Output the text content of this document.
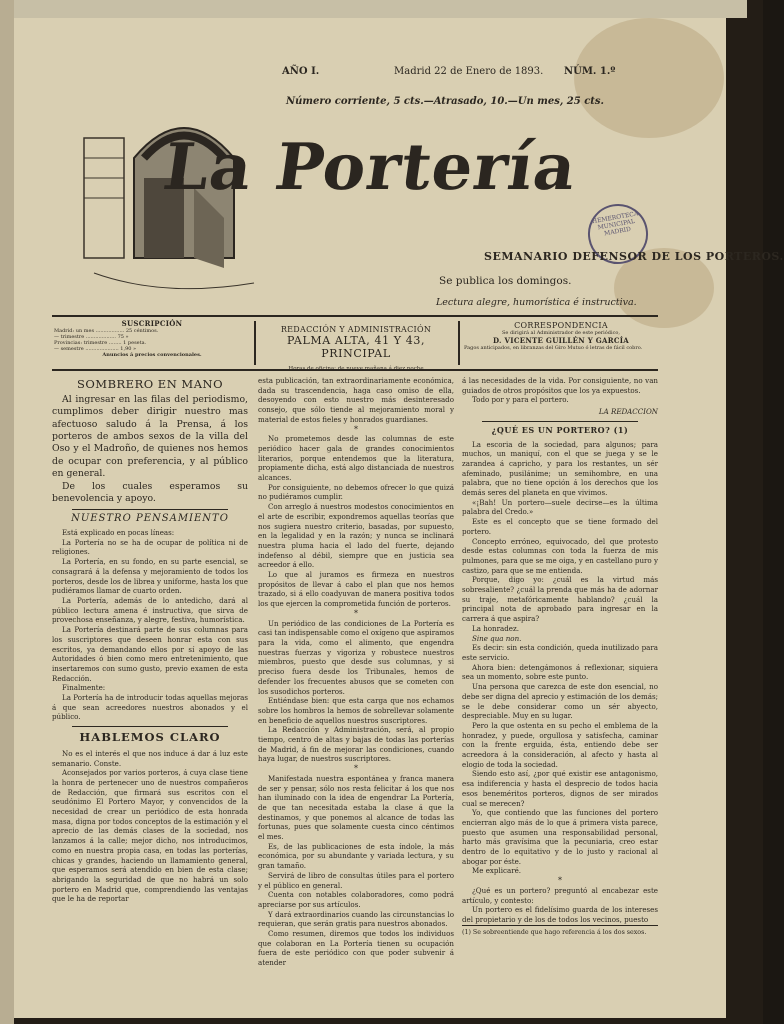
AÑO I.	Madrid 22 de Enero de 1893. NÚM. 1.º
Número corriente, 5 cts.—Atrasado, 10.—Un mes, 25 cts.
La Portería
HEMEROTECA MUNICIPAL MADRID
SEMANARIO DEFENSOR DE LOS PORTEROS.
Se publica los domingos.
Lectura alegre, humorística é instructiva.
SUSCRIPCIÓN
Madrid: un mes .................. 25 céntimos.
— trimestre ................... 75 »
Provincias: trimestre ........ 1 peseta.
— semestre ..................... 1,90 »
Anuncios á precios convencionales.
REDACCIÓN Y ADMINISTRACIÓN
PALMA ALTA, 41 Y 43, PRINCIPAL
Horas de oficina: de nueve mañana á diez noche
CORRESPONDENCIA
Se dirigirá al Administrador de este periódico,
D. VICENTE GUILLÉN Y GARCÍA
Pagos anticipados, en libranzas del Giro Mutuo ó letras de fácil cobro.
SOMBRERO EN MANO

Al ingresar en las filas del periodismo, cumplimos deber dirigir nuestro mas afectuoso saludo á la Prensa, á los porteros de ambos sexos de la villa del Oso y el Madroño, de quienes nos hemos de ocupar con preferencia, y al público en general.

De los cuales esperamos su benevolencia y apoyo.

NUESTRO PENSAMIENTO

Está explicado en pocas líneas:

La Portería no se ha de ocupar de política ni de religiones.

La Portería, en su fondo, en su parte esencial, se consagrará á la defensa y mejoramiento de todos los porteros, desde los de librea y uniforme, hasta los que pudiéramos llamar de cuarto orden.

La Portería, además de lo antedicho, dará al público lectura amena é instructiva, que sirva de provechosa enseñanza, y alegre, festiva, humorística.

La Portería destinará parte de sus columnas para los suscriptores que deseen honrar esta con sus escritos, ya demandando ellos por sí apoyo de las Autoridades ó bien como mero entretenimiento, que insertaremos con sumo gusto, previo examen de esta Redacción.

Finalmente:

La Portería ha de introducir todas aquellas mejoras á que sean acreedores nuestros abonados y el público.

HABLEMOS CLARO

No es el interés el que nos induce á dar á luz este semanario. Conste.

Aconsejados por varios porteros, á cuya clase tiene la honra de pertenecer uno de nuestros compañeros de Redacción, que firmará sus escritos con el seudónimo El Portero Mayor, y convencidos de la necesidad de crear un periódico de esta honrada masa, digna por todos conceptos de la estimación y el aprecio de las demás clases de la sociedad, nos lanzamos á la calle; mejor dicho, nos introducimos, como en nuestra propia casa, en todas las porterías, chicas y grandes, haciendo un llamamiento general, que esperamos será atendido en bien de esta clase; abrigando la seguridad de que no habrá un solo portero en Madrid que, comprendiendo las ventajas que le ha de reportar

esta publicación, tan extraordinariamente económica, dada su trascendencia, haga caso omiso de ella, desoyendo con esto nuestro más desinteresado consejo, que sólo tiende al mejoramiento moral y material de estos fieles y honrados guardianes.

*

No prometemos desde las columnas de este periódico hacer gala de grandes conocimientos literarios, porque entendemos que la literatura, propiamente dicha, está algo distanciada de nuestros alcances.

Por consiguiente, no debemos ofrecer lo que quizá no pudiéramos cumplir.

Con arreglo á nuestros modestos conocimientos en el arte de escribir, expondremos aquellas teorías que nos sugiera nuestro criterio, basadas, por supuesto, en la legalidad y en la razón; y nunca se inclinará nuestra pluma hacia el lado del fuerte, dejando indefenso al débil, siempre que en justicia sea acreedor á ello.

Lo que al juramos es firmeza en nuestros propósitos de llevar á cabo el plan que nos hemos trazado, si á ello coadyuvan de manera positiva todos los que ejercen la comprometida función de porteros.

*

Un periódico de las condiciones de La Portería es casi tan indispensable como el oxígeno que aspiramos para la vida, como el alimento, que engendra nuestras fuerzas y vigoriza y robustece nuestros miembros, puesto que desde sus columnas, y si preciso fuera desde los Tribunales, hemos de defender los frecuentes abusos que se cometen con los susodichos porteros.

Entiéndase bien: que esta carga que nos echamos sobre los hombros la hemos de sobrellevar solamente en beneficio de aquellos nuestros suscriptores.

La Redacción y Administración, será, al propio tiempo, centro de altas y bajas de todas las porterías de Madrid, á fin de mejorar las condiciones, cuando haya lugar, de nuestros suscriptores.

*

Manifestada nuestra espontánea y franca manera de ser y pensar, sólo nos resta felicitar á los que nos han iluminado con la idea de engendrar La Portería, de que tan necesitada estaba la clase á que la destinamos, y que ponemos al alcance de todas las fortunas, pues que solamente cuesta cinco céntimos el mes.

Es, de las publicaciones de esta índole, la más económica, por su abundante y variada lectura, y su gran tamaño.

Servirá de libro de consultas útiles para el portero y el público en general.

Cuenta con notables colaboradores, como podrá apreciarse por sus artículos.

Y dará extraordinarios cuando las circunstancias lo requieran, que serán gratis para nuestros abonados.

Como resumen, diremos que todos los individuos que colaboran en La Portería tienen su ocupación fuera de este periódico con que poder subvenir á atender

á las necesidades de la vida. Por consiguiente, no van guiados de otros propósitos que los ya expuestos.

Todo por y para el portero.

LA REDACCION

¿QUÉ ES UN PORTERO? (1)

La escoria de la sociedad, para algunos; para muchos, un maniquí, con el que se juega y se le zarandea á capricho, y para los restantes, un sér afeminado, pusilánime; un semihombre, en una palabra, que no tiene opción á los derechos que los demás seres del planeta en que vivimos.

«¡Bah! Un portero—suele decirse—es la última palabra del Credo.»

Este es el concepto que se tiene formado del portero.

Concepto erróneo, equivocado, del que protesto desde estas columnas con toda la fuerza de mis pulmones, para que se me oiga, y en castellano puro y castizo, para que se me entienda.

Porque, digo yo: ¿cuál es la virtud más sobresaliente? ¿cuál la prenda que más ha de adornar su traje, metafóricamente hablando? ¿cuál la principal nota de aprobado para ingresar en la carrera á que aspira?

La honradez.

Sine qua non.

Es decir: sin esta condición, queda inutilizado para este servicio.

Ahora bien: detengámonos á reflexionar, siquiera sea un momento, sobre este punto.

Una persona que carezca de este don esencial, no debe ser digna del aprecio y estimación de los demás; se le debe considerar como un sér abyecto, despreciable. Muy en su lugar.

Pero la que ostenta en su pecho el emblema de la honradez, y puede, orgullosa y satisfecha, caminar con la frente erguida, ésta, entiendo debe ser acreedora á la consideración, al afecto y hasta al elogio de toda la sociedad.

Siendo esto así, ¿por qué existir ese antagonismo, esa indiferencia y hasta el desprecio de todos hacia esos beneméritos porteros, dignos de ser mirados cual se merecen?

Yo, que contiendo que las funciones del portero encierran algo más de lo que á primera vista parece, puesto que asumen una responsabilidad personal, harto más gravísima que la pecuniaria, creo estar dentro de lo equitativo y de lo justo y racional al abogar por éste.

Me explicaré.

*

¿Qué es un portero? preguntó al encabezar este artículo, y contesto:

Un portero es el fidelísimo guarda de los intereses del propietario y de los de todos los vecinos, puesto

(1) Se sobreentiende que hago referencia á los dos sexos.
